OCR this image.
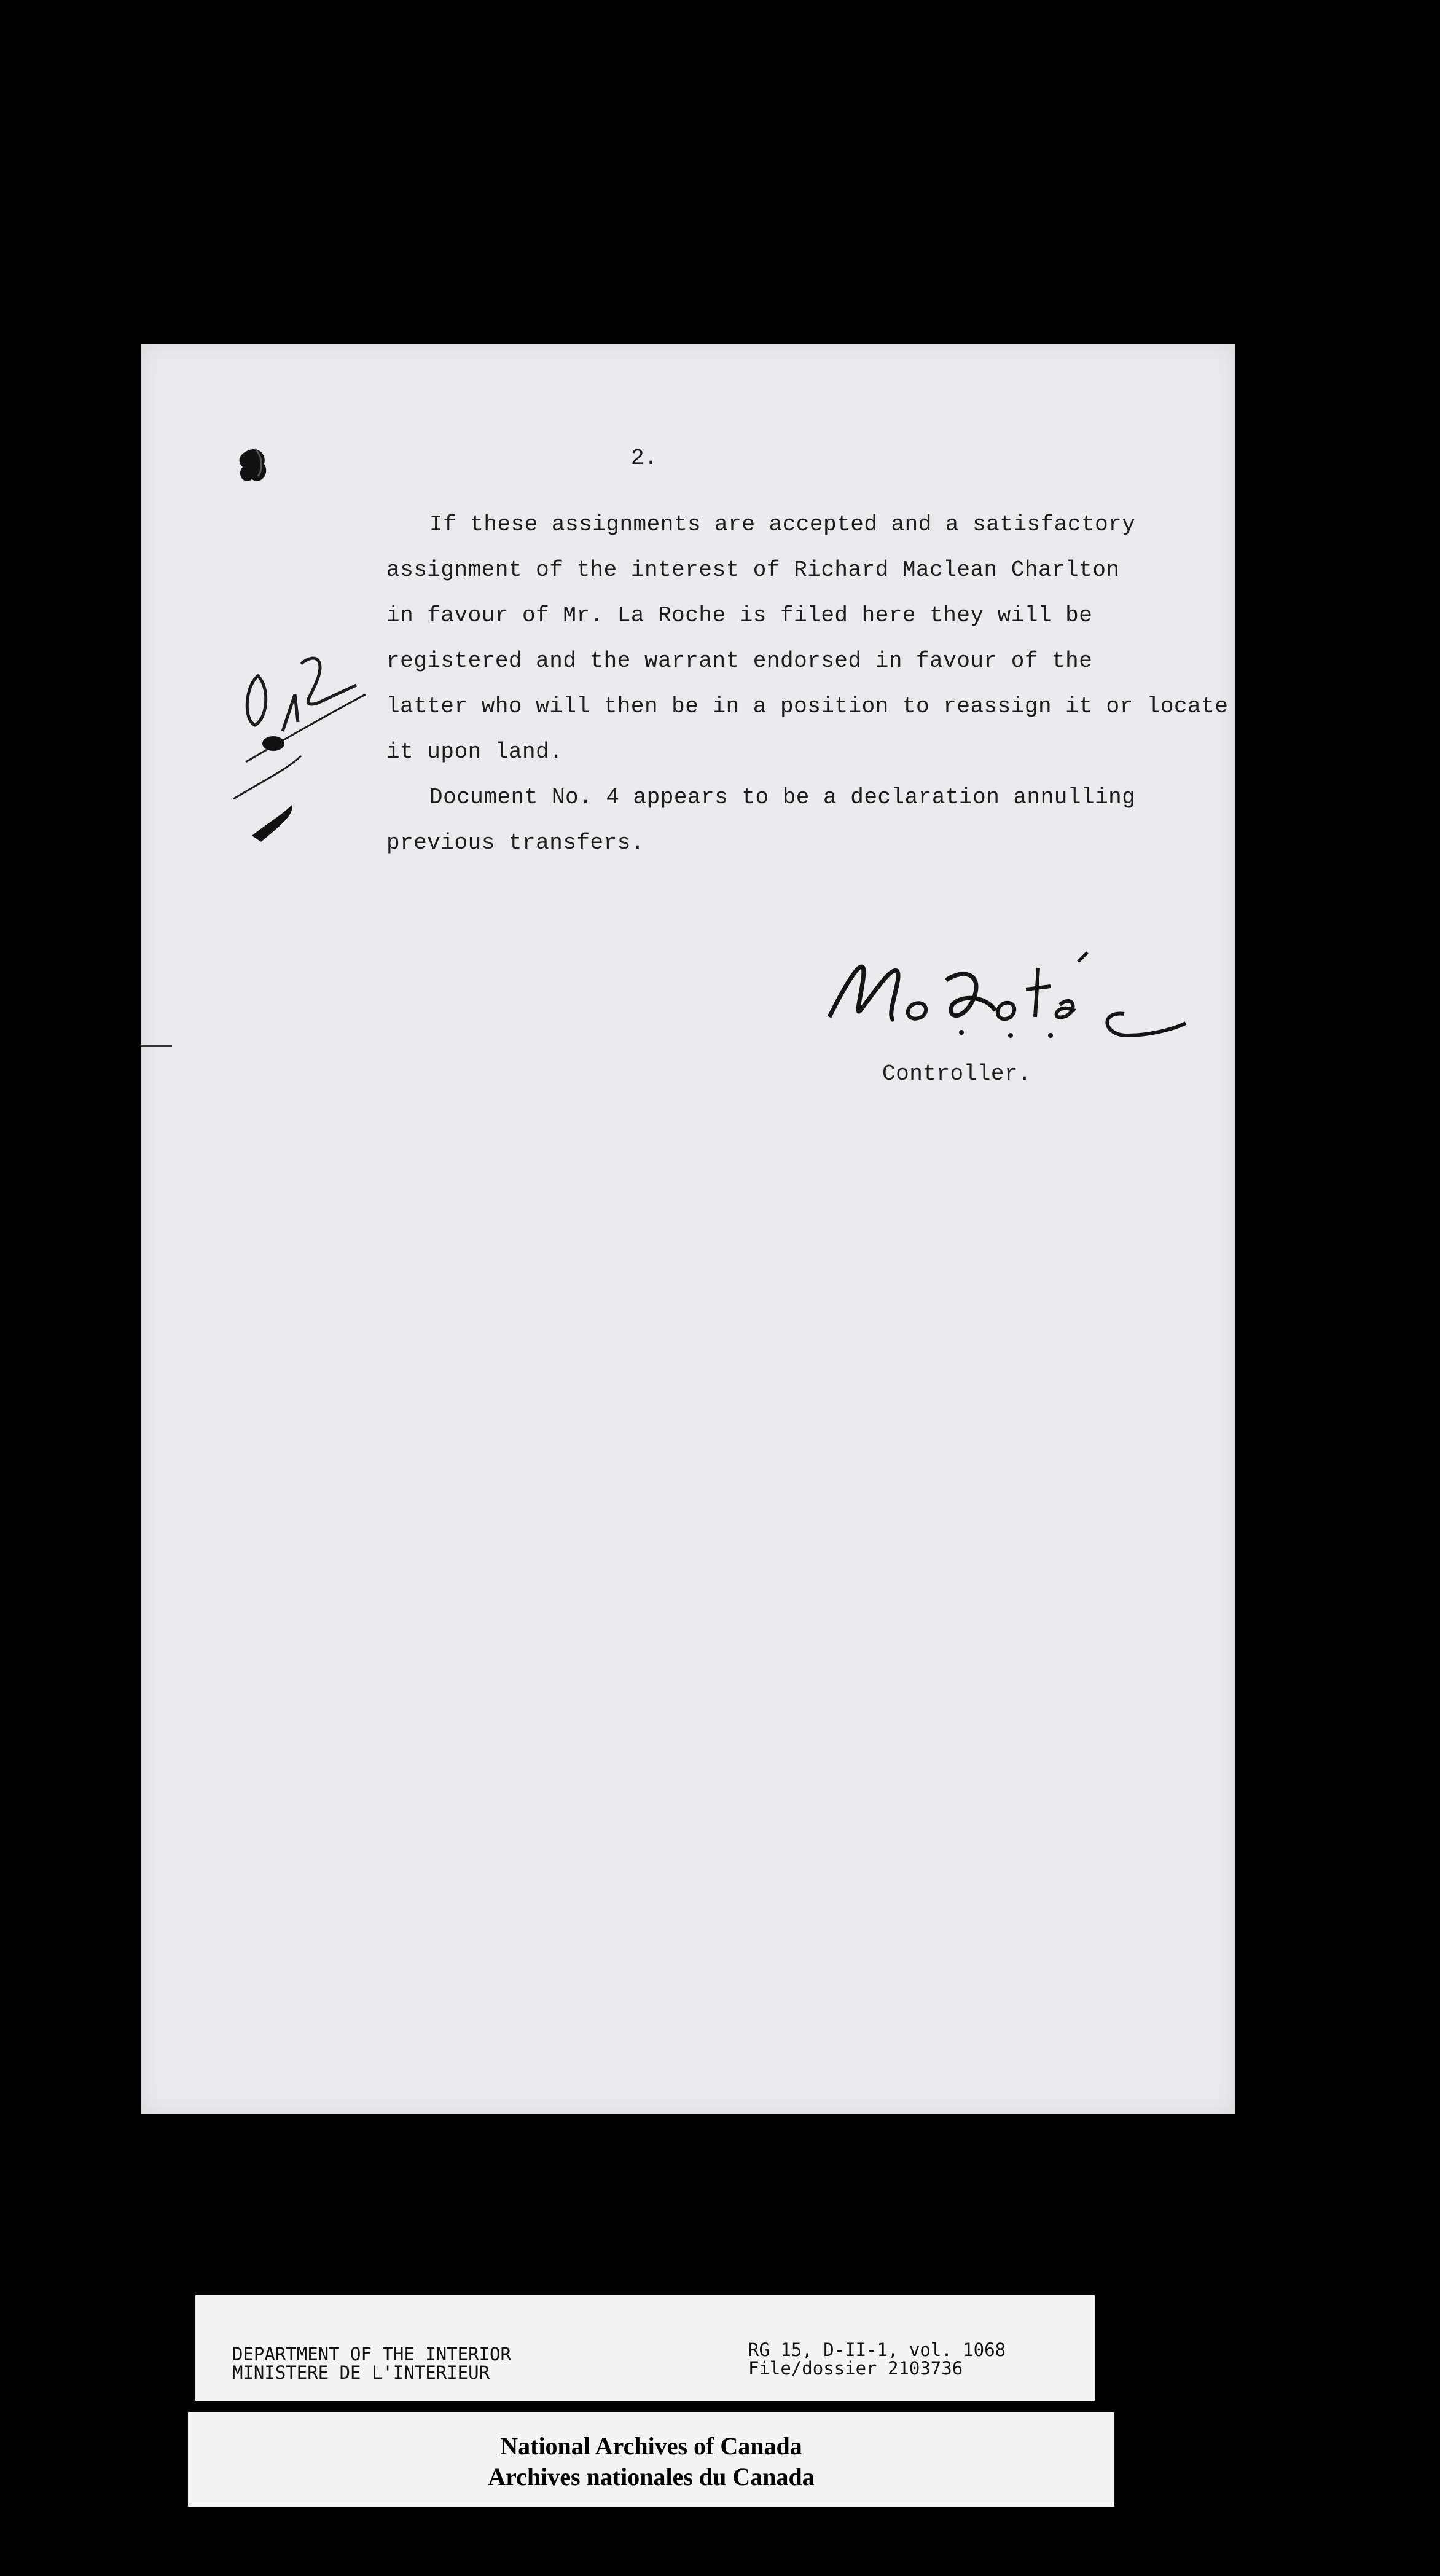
2.
If these assignments are accepted and a satisfactory
assignment of the interest of Richard Maclean Charlton
in favour of Mr. La Roche is filed here they will be
registered and the warrant endorsed in favour of the
latter who will then be in a position to reassign it or locate
it upon land.
Document No. 4 appears to be a declaration annulling
previous transfers.
Controller.
DEPARTMENT OF THE INTERIOR
MINISTERE DE L'INTERIEUR
RG 15, D-II-1, vol. 1068
File/dossier 2103736
National Archives of Canada
Archives nationales du Canada
